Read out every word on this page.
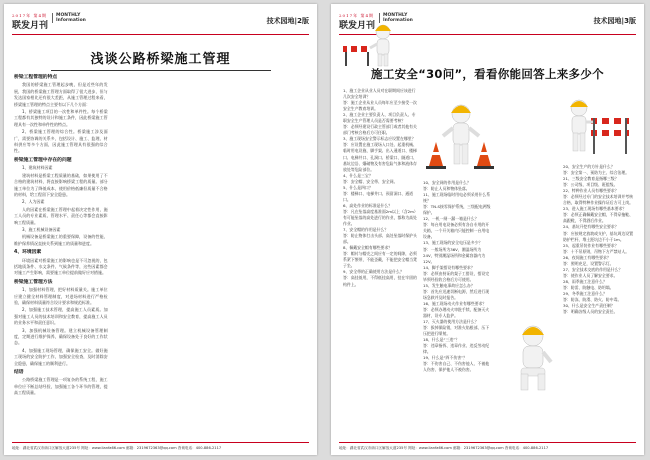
2017年 第4期
联发月刊
MONTHLY
Information	技术园地|2版
浅谈公路桥梁施工管理
桥梁工程管理的特点

我国的桥梁施工管理起步晚，但是近些年的发展，我国的桥梁施工管理方面取得了很大进步，但与发达国家相比还有很大差距，从施工管理过程来看，桥梁施工管理的特点主要有以下几个方面：

1、桥梁施工项目的一次性和单件性。每个桥梁工程都有其独特的设计和施工条件，因此桥梁施工管理具有一次性和单件性的特点。

2、桥梁施工管理的综合性。桥梁施工涉及面广，需要协调的关系多，包括设计、施工、监理、材料供应等多个方面，因此施工管理具有很强的综合性。

桥梁施工管理中存在的问题

1、建筑材料因素

建筑材料是桥梁工程质量的基础，如果使用了不合格的建筑材料，将直接影响桥梁工程的质量。部分施工单位为了降低成本，使用价格低廉但质量不合格的材料，给工程留下安全隐患。

2、人为因素

人的因素在桥梁施工管理中起着决定性作用，施工人员的专业素质、管理水平、责任心等都会直接影响工程质量。

3、施工机械设备因素

机械设备是桥梁施工的重要保障，设备的性能、维护保养情况直接关系到施工的质量和进度。

4、环境因素

环境因素对桥梁施工的影响也是不可忽视的，包括地质条件、水文条件、气候条件等，这些因素都会对施工产生影响，需要施工单位提前做好应对措施。

桥梁施工管理方法

1、加强材料管理，把好材料质量关。施工单位应建立健全材料管理制度，对进场材料进行严格检验，确保材料质量符合设计要求和规范标准。

2、加强施工技术管理，提高施工人员素质。加强对施工人员的技术培训和安全教育，提高施工人员的业务水平和责任意识。

3、加强机械设备管理。建立机械设备管理制度，定期进行维护保养，确保设备处于良好的工作状态。

4、加强施工现场管理，确保施工安全。做好施工现场的安全防护工作，加强安全检查，及时消除安全隐患，确保施工的顺利进行。

结语

公路桥梁施工管理是一项复杂的系统工程，施工单位应不断总结经验，加强施工各个环节的管理，提高工程质量。

地址：湖北省武汉市硚口区解放大道235号 网址：www.lianfa66.com 邮箱：2319672363@qq.com 咨询电话：400-886-2117
2017年 第4期
联发月刊
MONTHLY
Information	技术园地|3版
施工安全“30问”，看看你能回答上来多少个
1、施工企业从业人员对在职期间应该进行几次安全培训？
答：施工企业从业人员每年应至少接受一次安全生产教育培训。
2、施工企业主要负责人、项目负责人、专职安全生产管理人员是否需要考核？
答：必须经建设行政主管部门或者其他有关部门考核合格后方可任职。
3、施工现场安全警示标志应设置在哪里？
答：应设置在施工现场入口处、起重机械、临时用电设施、脚手架、出入通道口、楼梯口、电梯井口、孔洞口、桥梁口、隧道口、基坑边沿、爆破物及有害危险气体和液体存放处等危险部位。
4、什么是三宝？
答：安全帽、安全带、安全网。
5、什么是四口？
答：楼梯口、电梯井口、预留洞口、通道口。
6、高处作业的标准是什么？
答：凡在坠落高度基准面2m以上（含2m）有可能坠落的高处进行的作业，都称为高处作业。
7、安全帽的作用是什么？
答：防止物体打击头部、高处坠落时保护头部。
8、佩戴安全帽有哪些要求？
答：帽衬与帽壳之间应有一定的间隙，必须系紧下颚带，不能歪戴，不能把安全帽当凳子坐。
9、安全带的正确使用方法是什么？
答：高挂低用，不得低挂高用，挂在牢固的构件上。
10、安全网的作用是什么？
答：防止人员和物体坠落。
11、施工现场临时用电必须采用什么系统？
答：TN-S接零保护系统，三级配电两级保护。
12、一机一闸一漏一箱是什么？
答：每台用电设备必须有各自专用的开关箱，一个开关箱内只能控制一台用电设备。
13、施工现场的安全电压是多少？
答：一般场所为36V，潮湿场所为24V，特别潮湿场所和金属容器内为12V。
14、脚手架搭设有哪些要求？
答：必须由持证的架子工搭设，搭设完毕须经验收合格后方可使用。
15、发生触电事故应怎么办？
答：首先应迅速切断电源，然后进行现场急救并及时报告。
16、施工现场动火作业有哪些要求？
答：必须办理动火审批手续，配备灭火器材，设专人监护。
17、灭火器的使用方法是什么？
答：拔掉保险销，对准火焰根部，压下压把进行喷射。
18、什么是“三违”？
答：违章指挥、违章作业、违反劳动纪律。
19、什么是“四不伤害”？
答：不伤害自己、不伤害他人、不被他人伤害、保护他人不被伤害。
20、安全生产的方针是什么？
答：安全第一、预防为主、综合治理。
21、三级安全教育是指哪三级？
答：公司级、项目级、班组级。
22、特种作业人员有哪些要求？
答：必须经过专门的安全技术培训并考核合格，取得特种作业操作证后方可上岗。
23、进入施工现场有哪些基本要求？
答：必须正确佩戴安全帽，不得穿拖鞋、高跟鞋，不得酒后作业。
24、基坑开挖有哪些安全要求？
答：应按规定放坡或支护，基坑周边设置防护栏杆，堆土距坑边不小于1m。
25、起重吊装作业有哪些要求？
答：十不吊原则，吊物下方严禁站人。
26、夜间施工有哪些要求？
答：照明充足，设置警示灯。
27、安全技术交底的作用是什么？
答：使作业人员了解安全要求。
28、雨季施工注意什么？
答：防雷、防触电、防坍塌。
29、冬季施工注意什么？
答：防冻、防滑、防火、防中毒。
30、什么是安全生产责任制？
答：明确各级人员的安全责任。
地址：湖北省武汉市硚口区解放大道235号 网址：www.lianfa66.com 邮箱：2319672363@qq.com 咨询电话：400-886-2117
